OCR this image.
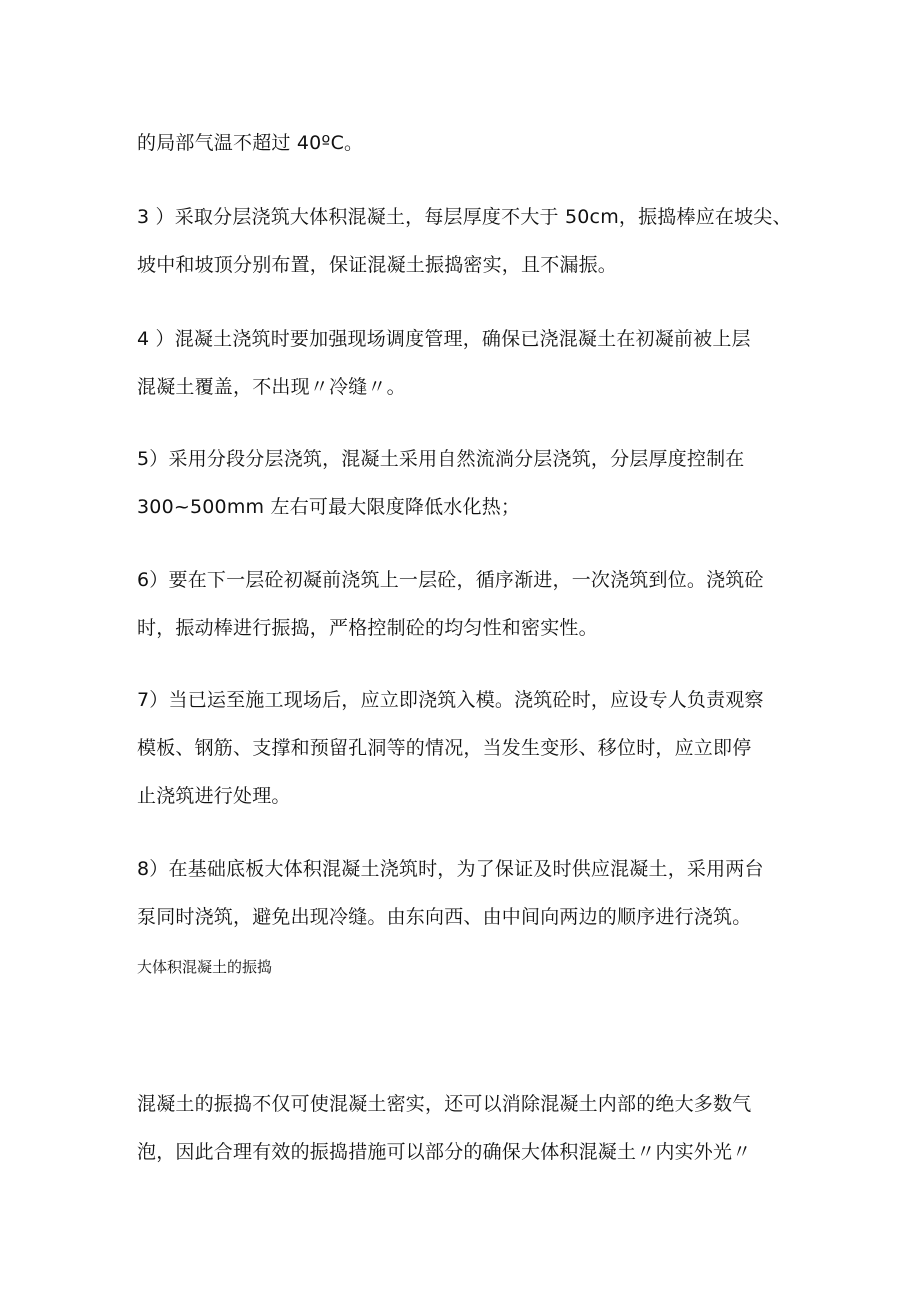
的局部气温不超过 40ºC。
3 ）采取分层浇筑大体积混凝土，每层厚度不大于 50cm，振捣棒应在坡尖、
坡中和坡顶分别布置，保证混凝土振捣密实，且不漏振。
4 ）混凝土浇筑时要加强现场调度管理，确保已浇混凝土在初凝前被上层
混凝土覆盖，不出现〃冷缝〃。
5）采用分段分层浇筑，混凝土采用自然流淌分层浇筑，分层厚度控制在
300~500mm 左右可最大限度降低水化热；
6）要在下一层砼初凝前浇筑上一层砼，循序渐进，一次浇筑到位。浇筑砼
时，振动棒进行振捣，严格控制砼的均匀性和密实性。
7）当已运至施工现场后，应立即浇筑入模。浇筑砼时，应设专人负责观察
模板、钢筋、支撑和预留孔洞等的情况，当发生变形、移位时，应立即停
止浇筑进行处理。
8）在基础底板大体积混凝土浇筑时，为了保证及时供应混凝土，采用两台
泵同时浇筑，避免出现冷缝。由东向西、由中间向两边的顺序进行浇筑。
大体积混凝土的振捣
混凝土的振捣不仅可使混凝土密实，还可以消除混凝土内部的绝大多数气
泡，因此合理有效的振捣措施可以部分的确保大体积混凝土〃内实外光〃
